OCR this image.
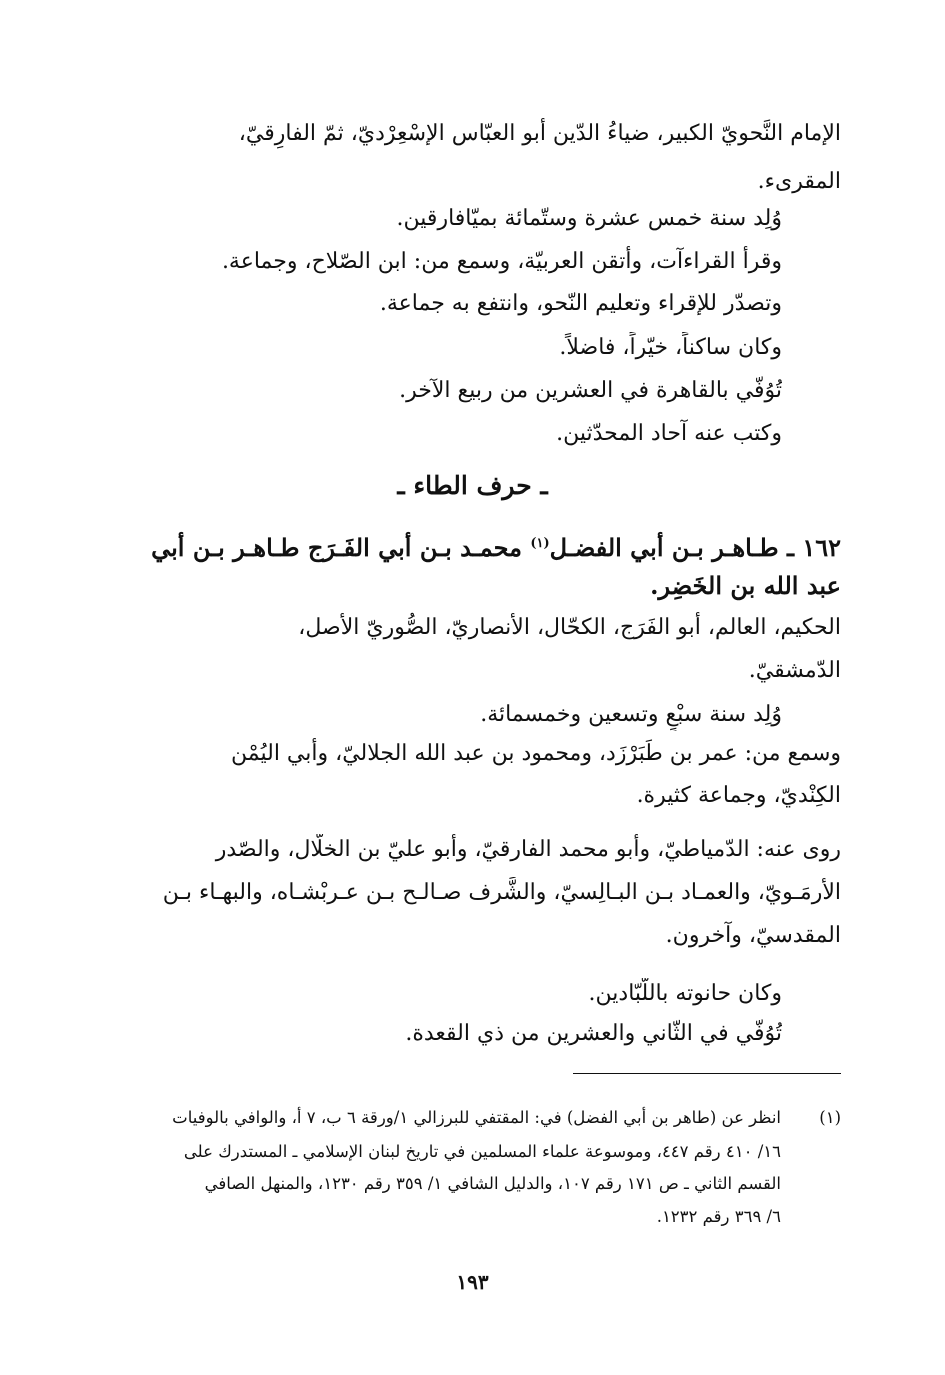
الإمام النَّحويّ الكبير، ضياءُ الدّين أبو العبّاس الإسْعِرْديّ، ثمّ الفارِقيّ،
المقرىء.
وُلِد سنة خمس عشرة وستّمائة بميّافارقين.
وقرأ القراءآت، وأتقن العربيّة، وسمع من: ابن الصّلاح، وجماعة.
وتصدّر للإقراء وتعليم النّحو، وانتفع به جماعة.
وكان ساكناً، خيّراً، فاضلاً.
تُوُفّي بالقاهرة في العشرين من ربيع الآخر.
وكتب عنه آحاد المحدّثين.
ـ حرف الطاء ـ
١٦٢ ـ طـاهـر بـن أبي الفضـل$^{(١)}$ محمـد بـن أبي الفَـرَج طـاهـر بـن أبي
عبد الله بن الخَضِر.
الحكيم، العالم، أبو الفَرَج، الكحّال، الأنصاريّ، الصُّوريّ الأصل،
الدّمشقيّ.
وُلِد سنة سبْعٍ وتسعين وخمسمائة.
وسمع من: عمر بن طَبَرْزَد، ومحمود بن عبد الله الجلاليّ، وأبي اليُمْن
الكِنْديّ، وجماعة كثيرة.
روى عنه: الدّمياطيّ، وأبو محمد الفارقيّ، وأبو عليّ بن الخلّال، والصّدر
الأُرمَـويّ، والعمـاد بـن البـالِسيّ، والشَّرف صـالـح بـن عـربْشـاه، والبهـاء بـن
المقدسيّ، وآخرون.
وكان حانوته باللّبّادين.
تُوُفّي في الثّاني والعشرين من ذي القعدة.
(١)
انظر عن (طاهر بن أبي الفضل) في: المقتفي للبرزالي ١/ورقة ٦ ب، ٧ أ، والوافي بالوفيات
١٦/ ٤١٠ رقم ٤٤٧، وموسوعة علماء المسلمين في تاريخ لبنان الإسلامي ـ المستدرك على
القسم الثاني ـ ص ١٧١ رقم ١٠٧، والدليل الشافي ١/ ٣٥٩ رقم ١٢٣٠، والمنهل الصافي
٦/ ٣٦٩ رقم ١٢٣٢.
١٩٣
